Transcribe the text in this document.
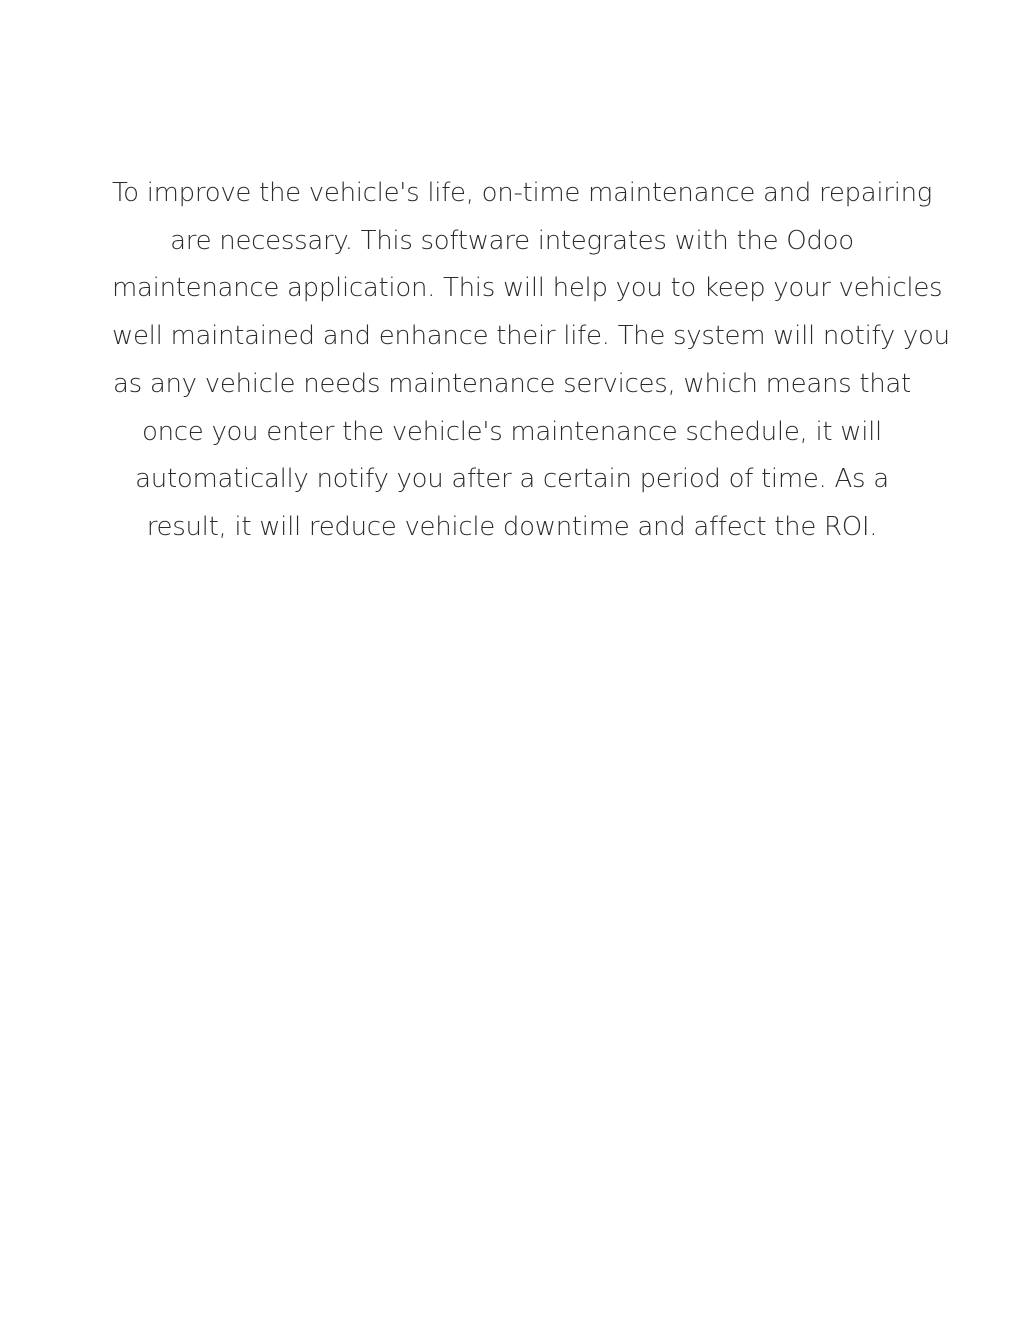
To improve the vehicle's life, on-time maintenance and repairing
are necessary. This software integrates with the Odoo
maintenance application. This will help you to keep your vehicles
well maintained and enhance their life. The system will notify you
as any vehicle needs maintenance services, which means that
once you enter the vehicle's maintenance schedule, it will
automatically notify you after a certain period of time. As a
result, it will reduce vehicle downtime and affect the ROI.
